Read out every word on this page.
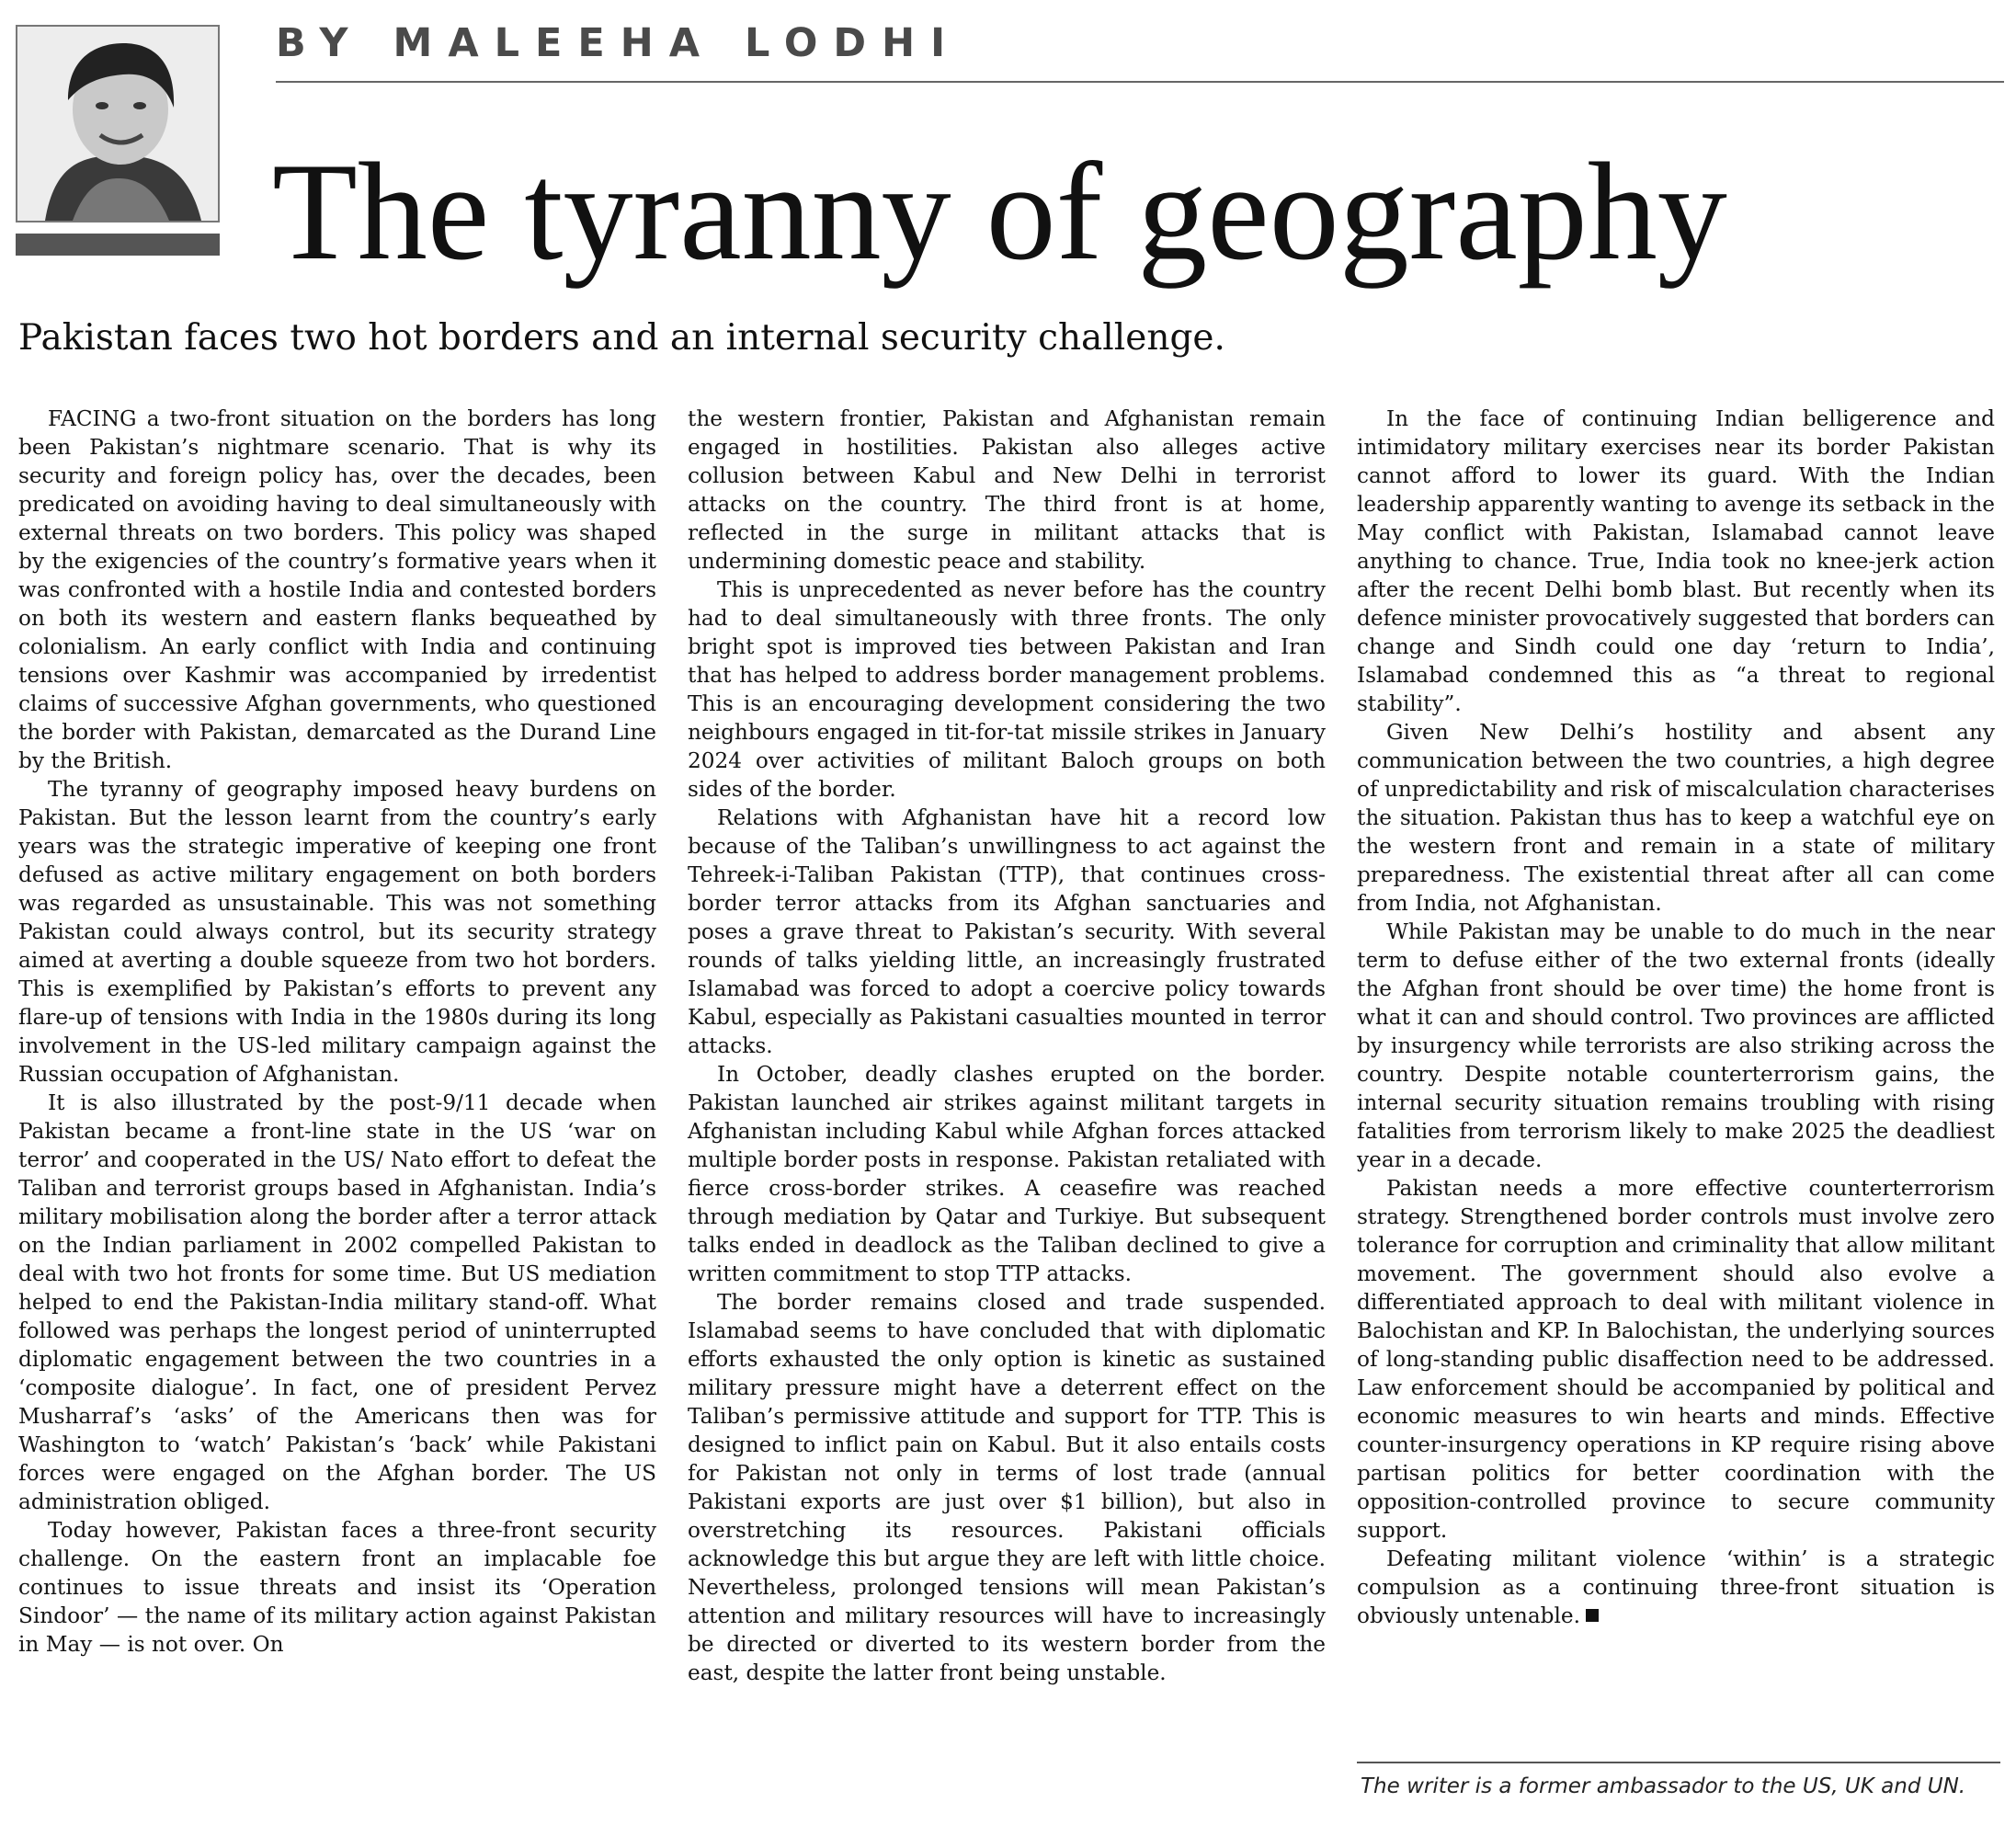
BY MALEEHA LODHI
The tyranny of geography

Pakistan faces two hot borders and an internal security challenge.

FACING a two-front situation on the borders has long been Pakistan’s nightmare scenario. That is why its security and foreign policy has, over the decades, been predicated on avoiding having to deal simultaneously with external threats on two borders. This policy was shaped by the exigencies of the country’s formative years when it was confronted with a hostile India and contested borders on both its western and eastern flanks bequeathed by colonialism. An early conflict with India and continuing tensions over Kashmir was accompanied by irredentist claims of successive Afghan governments, who questioned the border with Pakistan, demarcated as the Durand Line by the British.

The tyranny of geography imposed heavy burdens on Pakistan. But the lesson learnt from the country’s early years was the strategic imperative of keeping one front defused as active military engagement on both borders was regarded as unsustainable. This was not something Pakistan could always control, but its security strategy aimed at averting a double squeeze from two hot borders. This is exemplified by Pakistan’s efforts to prevent any flare-up of tensions with India in the 1980s during its long involvement in the US-led military campaign against the Russian occupation of Afghanistan.

It is also illustrated by the post-9/11 decade when Pakistan became a front-line state in the US ‘war on terror’ and cooperated in the US/ Nato effort to defeat the Taliban and terrorist groups based in Afghanistan. India’s military mobilisation along the border after a terror attack on the Indian parliament in 2002 compelled Pakistan to deal with two hot fronts for some time. But US mediation helped to end the Pakistan-India military stand-off. What followed was perhaps the longest period of uninterrupted diplomatic engagement between the two countries in a ‘composite dialogue’. In fact, one of president Pervez Musharraf’s ‘asks’ of the Americans then was for Washington to ‘watch’ Pakistan’s ‘back’ while Pakistani forces were engaged on the Afghan border. The US administration obliged.

Today however, Pakistan faces a three-front security challenge. On the eastern front an implacable foe continues to issue threats and insist its ‘Operation Sindoor’ — the name of its military action against Pakistan in May — is not over. On

the western frontier, Pakistan and Afghanistan remain engaged in hostilities. Pakistan also alleges active collusion between Kabul and New Delhi in terrorist attacks on the country. The third front is at home, reflected in the surge in militant attacks that is undermining domestic peace and stability.

This is unprecedented as never before has the country had to deal simultaneously with three fronts. The only bright spot is improved ties between Pakistan and Iran that has helped to address border management problems. This is an encouraging development considering the two neighbours engaged in tit-for-tat missile strikes in January 2024 over activities of militant Baloch groups on both sides of the border.

Relations with Afghanistan have hit a record low because of the Taliban’s unwillingness to act against the Tehreek-i-Taliban Pakistan (TTP), that continues cross-border terror attacks from its Afghan sanctuaries and poses a grave threat to Pakistan’s security. With several rounds of talks yielding little, an increasingly frustrated Islamabad was forced to adopt a coercive policy towards Kabul, especially as Pakistani casualties mounted in terror attacks.

In October, deadly clashes erupted on the border. Pakistan launched air strikes against militant targets in Afghanistan including Kabul while Afghan forces attacked multiple border posts in response. Pakistan retaliated with fierce cross-border strikes. A ceasefire was reached through mediation by Qatar and Turkiye. But subsequent talks ended in deadlock as the Taliban declined to give a written commitment to stop TTP attacks.

The border remains closed and trade suspended. Islamabad seems to have concluded that with diplomatic efforts exhausted the only option is kinetic as sustained military pressure might have a deterrent effect on the Taliban’s permissive attitude and support for TTP. This is designed to inflict pain on Kabul. But it also entails costs for Pakistan not only in terms of lost trade (annual Pakistani exports are just over $1 billion), but also in overstretching its resources. Pakistani officials acknowledge this but argue they are left with little choice. Nevertheless, prolonged tensions will mean Pakistan’s attention and military resources will have to increasingly be directed or diverted to its western border from the east, despite the latter front being unstable.

In the face of continuing Indian belligerence and intimidatory military exercises near its border Pakistan cannot afford to lower its guard. With the Indian leadership apparently wanting to avenge its setback in the May conflict with Pakistan, Islamabad cannot leave anything to chance. True, India took no knee-jerk action after the recent Delhi bomb blast. But recently when its defence minister provocatively suggested that borders can change and Sindh could one day ‘return to India’, Islamabad condemned this as “a threat to regional stability”.

Given New Delhi’s hostility and absent any communication between the two countries, a high degree of unpredictability and risk of miscalculation characterises the situation. Pakistan thus has to keep a watchful eye on the western front and remain in a state of military preparedness. The existential threat after all can come from India, not Afghanistan.

While Pakistan may be unable to do much in the near term to defuse either of the two external fronts (ideally the Afghan front should be over time) the home front is what it can and should control. Two provinces are afflicted by insurgency while terrorists are also striking across the country. Despite notable counterterrorism gains, the internal security situation remains troubling with rising fatalities from terrorism likely to make 2025 the deadliest year in a decade.

Pakistan needs a more effective counterterrorism strategy. Strengthened border controls must involve zero tolerance for corruption and criminality that allow militant movement. The government should also evolve a differentiated approach to deal with militant violence in Balochistan and KP. In Balochistan, the underlying sources of long-standing public disaffection need to be addressed. Law enforcement should be accompanied by political and economic measures to win hearts and minds. Effective counter-insurgency operations in KP require rising above partisan politics for better coordination with the opposition-controlled province to secure community support.

Defeating militant violence ‘within’ is a strategic compulsion as a continuing three-front situation is obviously untenable.

The writer is a former ambassador to the US, UK and UN.
